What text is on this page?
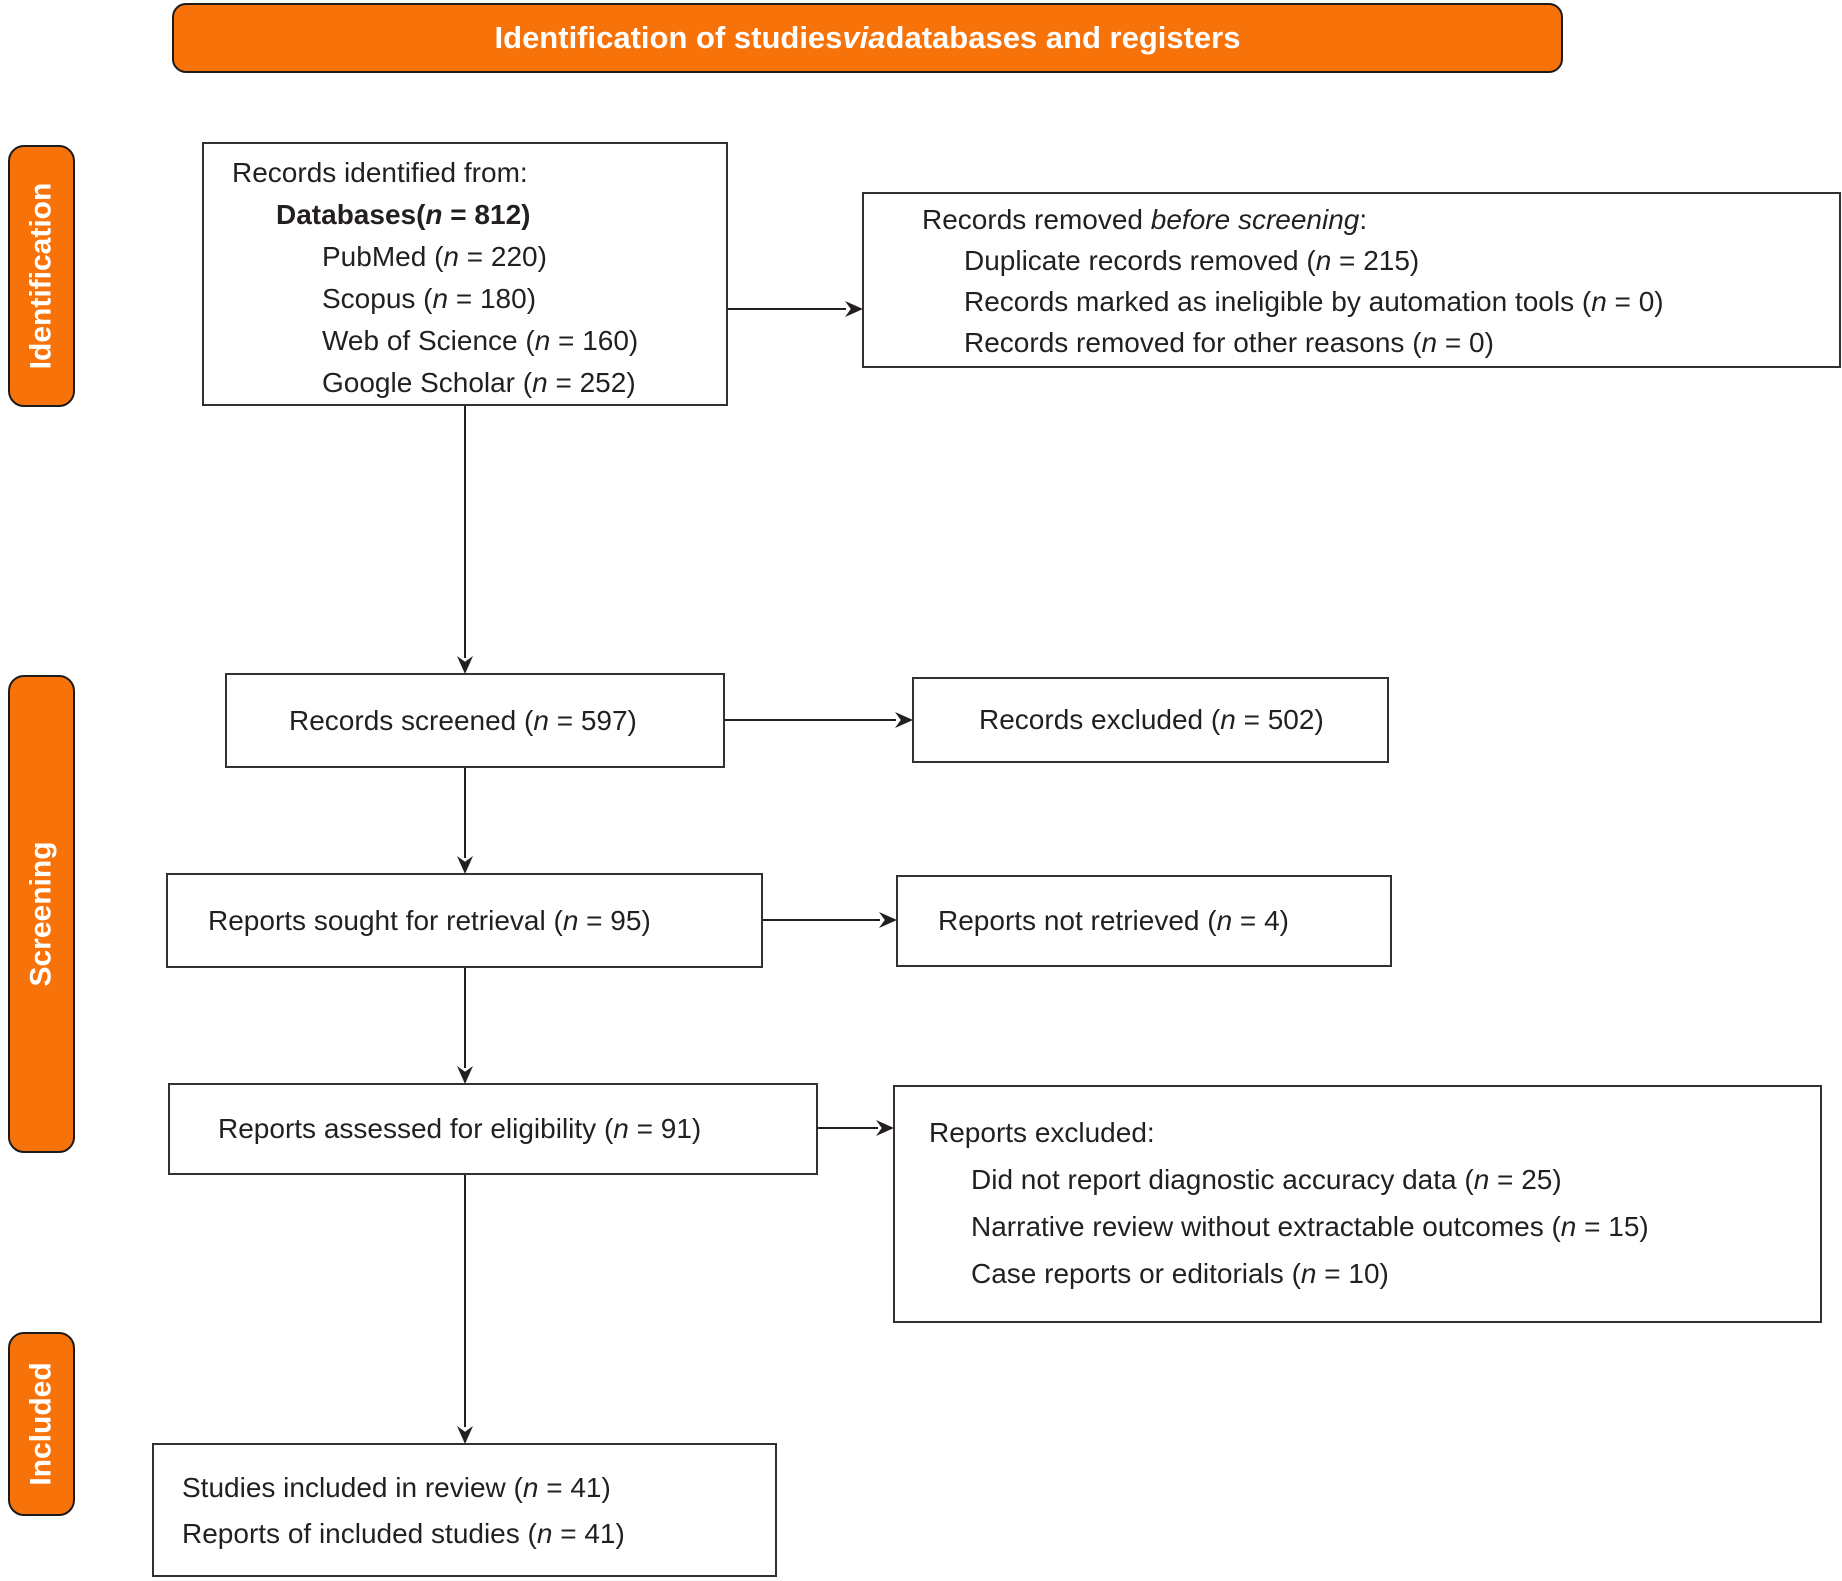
Identification of studies via databases and registers
Identification
Screening
Included
Records identified from:
Databases(n = 812)
PubMed (n = 220)
Scopus (n = 180)
Web of Science (n = 160)
Google Scholar (n = 252)
Records removed before screening:
Duplicate records removed (n = 215)
Records marked as ineligible by automation tools (n = 0)
Records removed for other reasons (n = 0)
Records screened (n = 597)	Records excluded (n = 502)
Reports sought for retrieval (n = 95)	Reports not retrieved (n = 4)
Reports assessed for eligibility (n = 91)	Reports excluded:
Did not report diagnostic accuracy data (n = 25)
Narrative review without extractable outcomes (n = 15)
Case reports or editorials (n = 10)
Studies included in review (n = 41)
Reports of included studies (n = 41)
